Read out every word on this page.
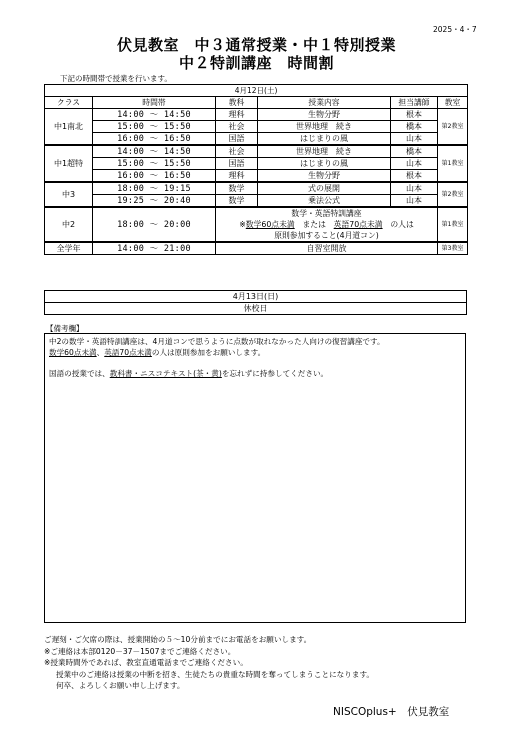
2025・4・7
伏見教室　中３通常授業・中１特別授業
中２特訓講座　時間割
下記の時間帯で授業を行います。
4月12日(土)					
クラス	時間帯	教科	授業内容	担当講師	教室
中1南北	14:00 ～ 14:50	理科	生物分野	根本	第2教室
	15:00 ～ 15:50	社会	世界地理　続き	橋本	
	16:00 ～ 16:50	国語	はじまりの風	山本	
中1超特	14:00 ～ 14:50	社会	世界地理　続き	橋本	第1教室
	15:00 ～ 15:50	国語	はじまりの風	山本	
	16:00 ～ 16:50	理科	生物分野	根本	
中3	18:00 ～ 19:15	数学	式の展開	山本	第2教室
	19:25 ～ 20:40	数学	乗法公式	山本	
中2	18:00 ～ 20:00	数学・英語特訓講座
※数学60点未満　または　英語70点未満　の人は
原則参加すること(4月道コン)			第1教室
全学年	14:00 ～ 21:00	自習室開放			第3教室
4月13日(日)
休校日
【備考欄】

中2の数学・英語特訓講座は、4月道コンで思うように点数が取れなかった人向けの復習講座です。

数学60点未満、英語70点未満の人は原則参加をお願いします。

国語の授業では、教科書・ニスコテキスト(茶・黄)を忘れずに持参してください。

ご遅刻・ご欠席の際は、授業開始の５～10分前までにお電話をお願いします。
※ご連絡は本部0120－37－1507までご連絡ください。
※授業時間外であれば、教室直通電話までご連絡ください。
授業中のご連絡は授業の中断を招き、生徒たちの貴重な時間を奪ってしまうことになります。
何卒、よろしくお願い申し上げます。
NISCOplus+　伏見教室
